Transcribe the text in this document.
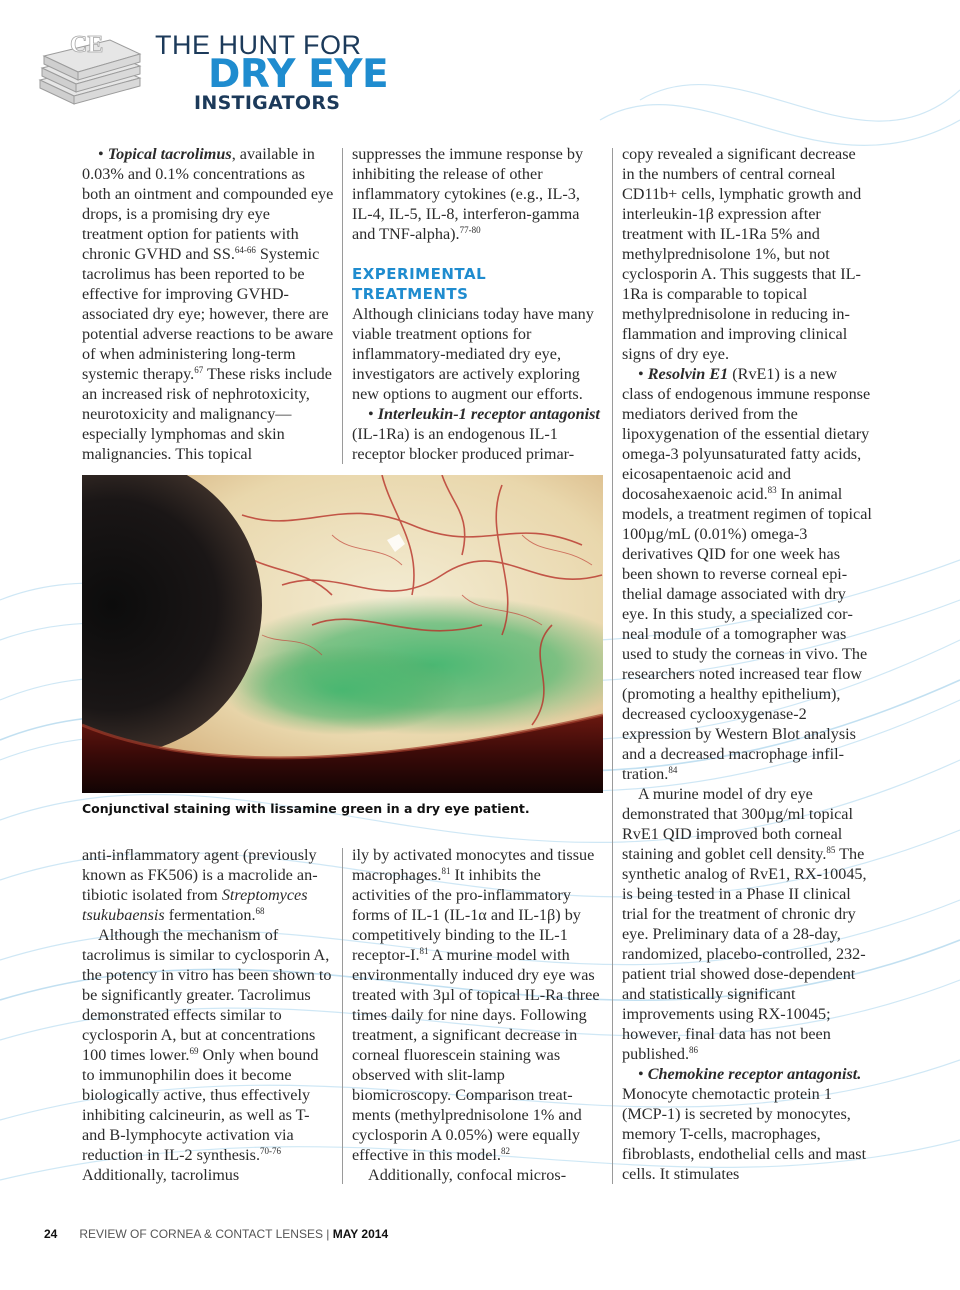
CE THE HUNT FOR
DRY EYE
INSTIGATORS

• Topical tacrolimus, available in 0.03% and 0.1% concentrations as both an ointment and compounded eye drops, is a promising dry eye treatment option for patients with chronic GVHD and SS.$^{64-66}$ Systemic tacrolimus has been reported to be effective for improving GVHD-associated dry eye; however, there are potential adverse reactions to be aware of when administering long-term systemic therapy.$^{67}$ These risks include an increased risk of nephrotoxicity, neurotoxicity and malignancy—especially lymphomas and skin malignancies. This topical

suppresses the immune response by inhibiting the release of other inflammatory cytokines (e.g., IL-3, IL-4, IL-5, IL-8, interferon-gamma and TNF-alpha).$^{77-80}$

EXPERIMENTAL
TREATMENTS

Although clinicians today have many viable treatment options for inflammatory-mediated dry eye, investigators are actively exploring new options to augment our efforts.

• Interleukin-1 receptor antagonist (IL-1Ra) is an endogenous IL-1 receptor blocker produced primar-

copy revealed a significant decrease in the numbers of central corneal CD11b+ cells, lymphatic growth and interleukin-1β expression after treatment with IL-1Ra 5% and methylprednisolone 1%, but not cyclosporin A. This suggests that IL-1Ra is comparable to topical methylprednisolone in reducing inflammation and improving clinical signs of dry eye.

• Resolvin E1 (RvE1) is a new class of endogenous immune response mediators derived from the lipoxygenation of the essential dietary omega-3 polyunsaturated fatty acids, eicosapentaenoic acid and docosahexaenoic acid.$^{83}$ In animal models, a treatment regimen of topical 100µg/mL (0.01%) omega-3 derivatives QID for one week has been shown to reverse corneal epithelial damage associated with dry eye. In this study, a specialized corneal module of a tomographer was used to study the corneas in vivo. The researchers noted increased tear flow (promoting a healthy epithelium), decreased cyclooxygenase-2 expression by Western Blot analysis and a decreased macrophage infiltration.$^{84}$

A murine model of dry eye demonstrated that 300µg/ml topical RvE1 QID improved both corneal staining and goblet cell density.$^{85}$ The synthetic analog of RvE1, RX-10045, is being tested in a Phase II clinical trial for the treatment of chronic dry eye. Preliminary data of a 28-day, randomized, placebo-controlled, 232-patient trial showed dose-dependent and statistically significant improvements using RX-10045; however, final data has not been published.$^{86}$

• Chemokine receptor antagonist. Monocyte chemotactic protein 1 (MCP-1) is secreted by monocytes, memory T-cells, macrophages, fibroblasts, endothelial cells and mast cells. It stimulates

Conjunctival staining with lissamine green in a dry eye patient.

anti-inflammatory agent (previously known as FK506) is a macrolide antibiotic isolated from Streptomyces tsukubaensis fermentation.$^{68}$

Although the mechanism of tacrolimus is similar to cyclosporin A, the potency in vitro has been shown to be significantly greater. Tacrolimus demonstrated effects similar to cyclosporin A, but at concentrations 100 times lower.$^{69}$ Only when bound to immunophilin does it become biologically active, thus effectively inhibiting calcineurin, as well as T- and B-lymphocyte activation via reduction in IL-2 synthesis.$^{70-76}$ Additionally, tacrolimus

ily by activated monocytes and tissue macrophages.$^{81}$ It inhibits the activities of the pro-inflammatory forms of IL-1 (IL-1α and IL-1β) by competitively binding to the IL-1 receptor-I.$^{81}$ A murine model with environmentally induced dry eye was treated with 3µl of topical IL-Ra three times daily for nine days. Following treatment, a significant decrease in corneal fluorescein staining was observed with slit-lamp biomicroscopy. Comparison treatments (methylprednisolone 1% and cyclosporin A 0.05%) were equally effective in this model.$^{82}$

Additionally, confocal micros-

24 REVIEW OF CORNEA & CONTACT LENSES | MAY 2014
